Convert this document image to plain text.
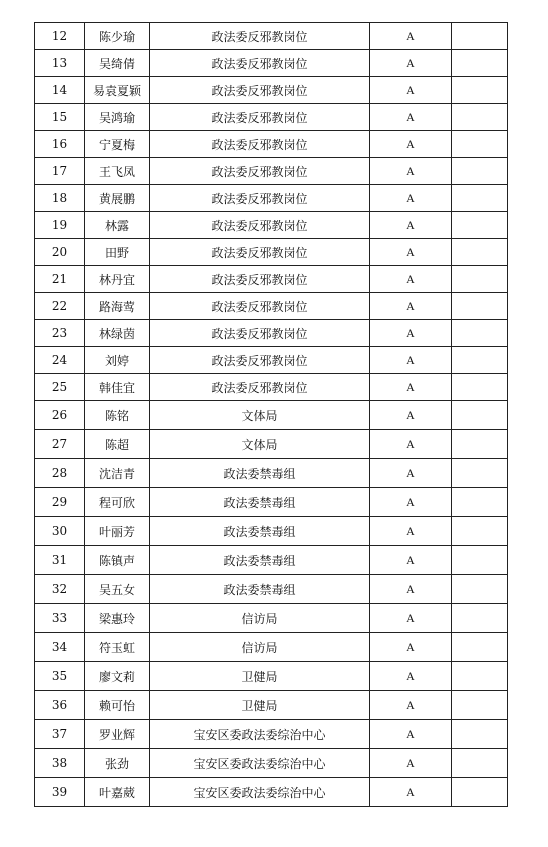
12	陈少瑜	政法委反邪教岗位	A	
13	吴绮倩	政法委反邪教岗位	A	
14	易袁夏颖	政法委反邪教岗位	A	
15	吴鸿瑜	政法委反邪教岗位	A	
16	宁夏梅	政法委反邪教岗位	A	
17	王飞凤	政法委反邪教岗位	A	
18	黄展鹏	政法委反邪教岗位	A	
19	林露	政法委反邪教岗位	A	
20	田野	政法委反邪教岗位	A	
21	林丹宜	政法委反邪教岗位	A	
22	路海莺	政法委反邪教岗位	A	
23	林绿茵	政法委反邪教岗位	A	
24	刘婷	政法委反邪教岗位	A	
25	韩佳宜	政法委反邪教岗位	A	
26	陈铭	文体局	A	
27	陈超	文体局	A	
28	沈洁青	政法委禁毒组	A	
29	程可欣	政法委禁毒组	A	
30	叶丽芳	政法委禁毒组	A	
31	陈镇声	政法委禁毒组	A	
32	吴五女	政法委禁毒组	A	
33	梁惠玲	信访局	A	
34	符玉虹	信访局	A	
35	廖文莉	卫健局	A	
36	赖可怡	卫健局	A	
37	罗业辉	宝安区委政法委综治中心	A	
38	张劲	宝安区委政法委综治中心	A	
39	叶嘉葳	宝安区委政法委综治中心	A	
